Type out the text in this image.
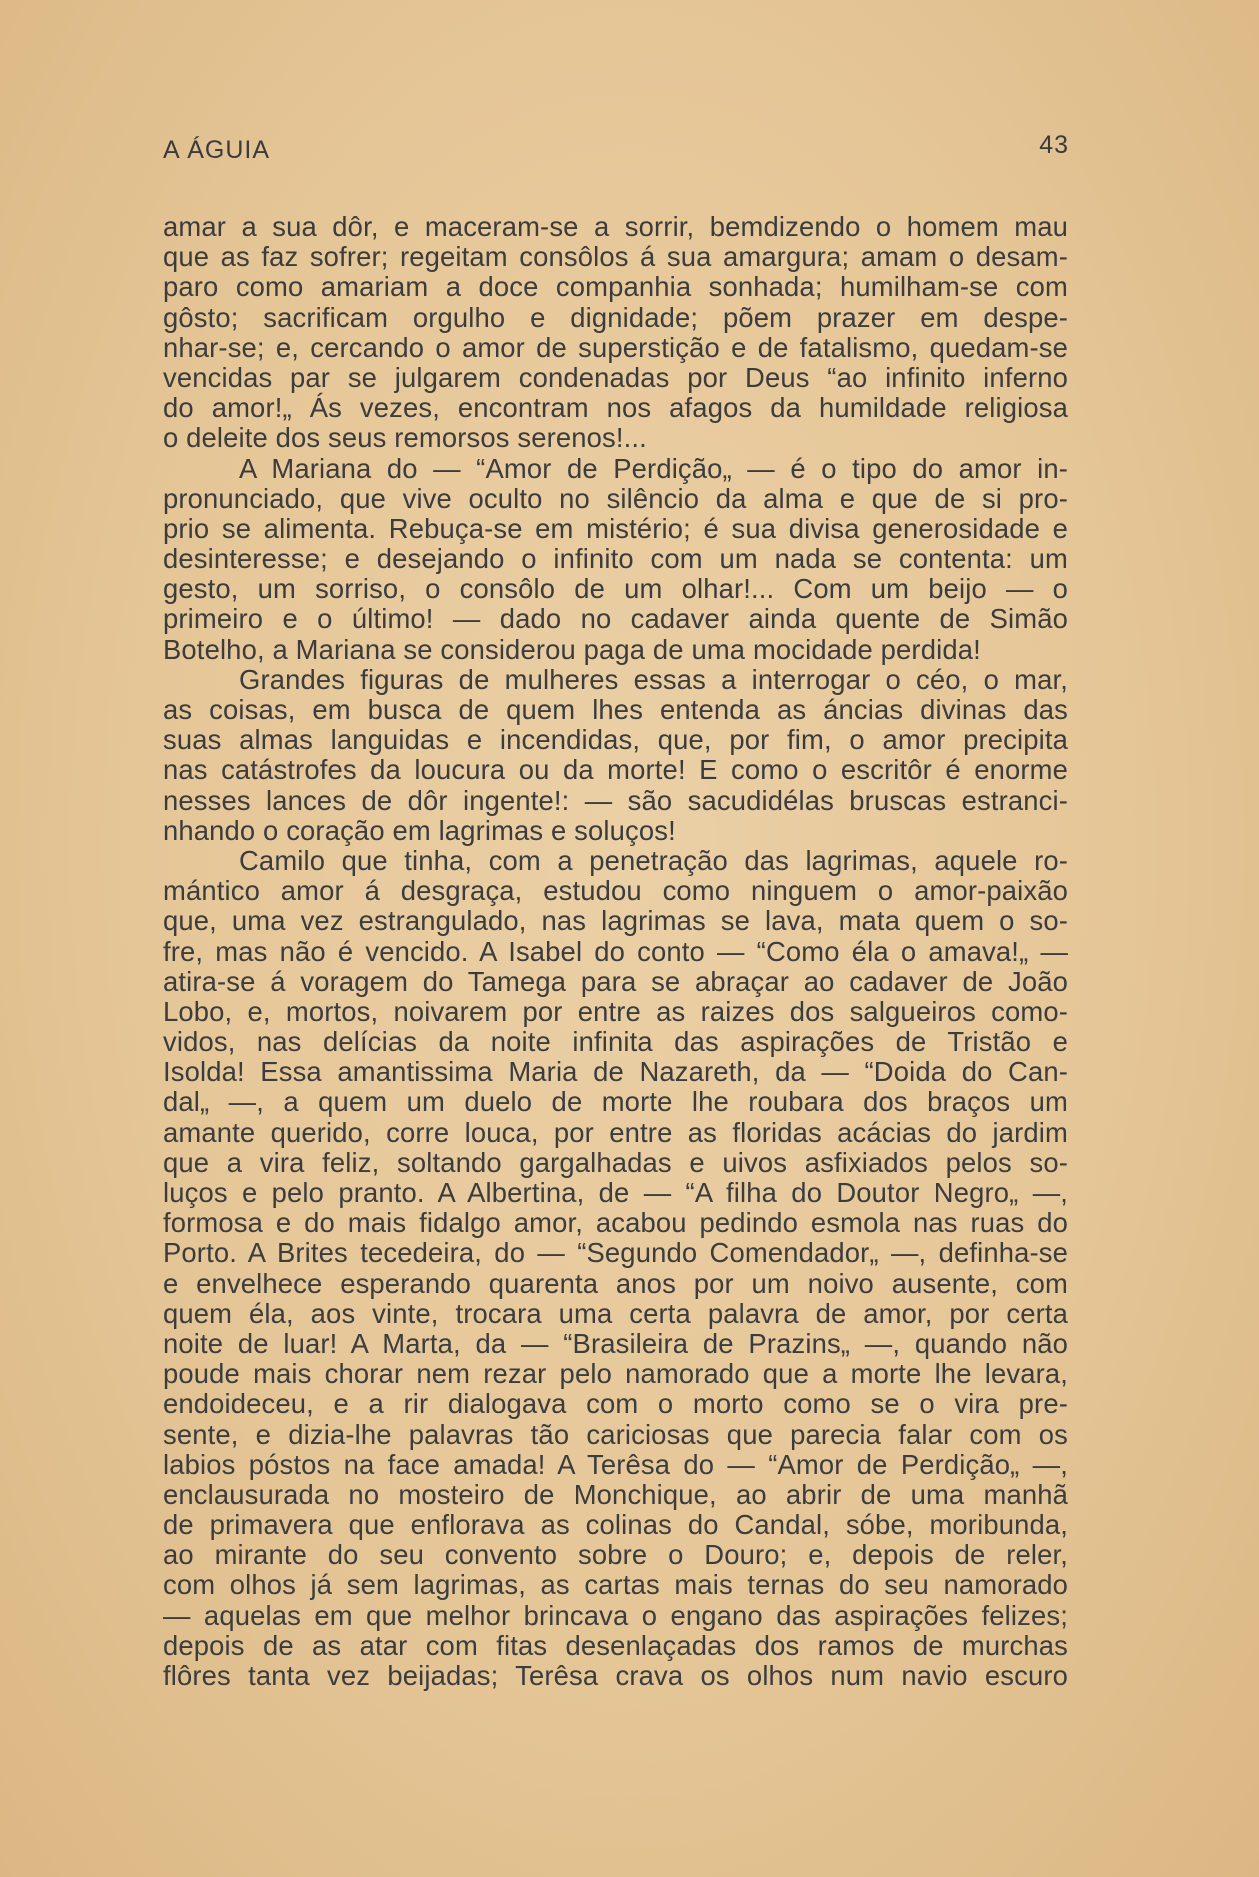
A ÁGUIA	43
amar a sua dôr, e maceram-se a sorrir, bemdizendo o homem mau
que as faz sofrer; regeitam consôlos á sua amargura; amam o desam-
paro como amariam a doce companhia sonhada; humilham-se com
gôsto; sacrificam orgulho e dignidade; põem prazer em despe-
nhar-se; e, cercando o amor de superstição e de fatalismo, quedam-se
vencidas par se julgarem condenadas por Deus “ao infinito inferno
do amor!„ Ás vezes, encontram nos afagos da humildade religiosa
o deleite dos seus remorsos serenos!...
A Mariana do — “Amor de Perdição„ — é o tipo do amor in-
pronunciado, que vive oculto no silêncio da alma e que de si pro-
prio se alimenta. Rebuça-se em mistério; é sua divisa generosidade e
desinteresse; e desejando o infinito com um nada se contenta: um
gesto, um sorriso, o consôlo de um olhar!... Com um beijo — o
primeiro e o último! — dado no cadaver ainda quente de Simão
Botelho, a Mariana se considerou paga de uma mocidade perdida!
Grandes figuras de mulheres essas a interrogar o céo, o mar,
as coisas, em busca de quem lhes entenda as áncias divinas das
suas almas languidas e incendidas, que, por fim, o amor precipita
nas catástrofes da loucura ou da morte! E como o escritôr é enorme
nesses lances de dôr ingente!: — são sacudidélas bruscas estranci-
nhando o coração em lagrimas e soluços!
Camilo que tinha, com a penetração das lagrimas, aquele ro-
mántico amor á desgraça, estudou como ninguem o amor-paixão
que, uma vez estrangulado, nas lagrimas se lava, mata quem o so-
fre, mas não é vencido. A Isabel do conto — “Como éla o amava!„ —
atira-se á voragem do Tamega para se abraçar ao cadaver de João
Lobo, e, mortos, noivarem por entre as raizes dos salgueiros como-
vidos, nas delícias da noite infinita das aspirações de Tristão e
Isolda! Essa amantissima Maria de Nazareth, da — “Doida do Can-
dal„ —, a quem um duelo de morte lhe roubara dos braços um
amante querido, corre louca, por entre as floridas acácias do jardim
que a vira feliz, soltando gargalhadas e uivos asfixiados pelos so-
luços e pelo pranto. A Albertina, de — “A filha do Doutor Negro„ —,
formosa e do mais fidalgo amor, acabou pedindo esmola nas ruas do
Porto. A Brites tecedeira, do — “Segundo Comendador„ —, definha-se
e envelhece esperando quarenta anos por um noivo ausente, com
quem éla, aos vinte, trocara uma certa palavra de amor, por certa
noite de luar! A Marta, da — “Brasileira de Prazins„ —, quando não
poude mais chorar nem rezar pelo namorado que a morte lhe levara,
endoideceu, e a rir dialogava com o morto como se o vira pre-
sente, e dizia-lhe palavras tão cariciosas que parecia falar com os
labios póstos na face amada! A Terêsa do — “Amor de Perdição„ —,
enclausurada no mosteiro de Monchique, ao abrir de uma manhã
de primavera que enflorava as colinas do Candal, sóbe, moribunda,
ao mirante do seu convento sobre o Douro; e, depois de reler,
com olhos já sem lagrimas, as cartas mais ternas do seu namorado
— aquelas em que melhor brincava o engano das aspirações felizes;
depois de as atar com fitas desenlaçadas dos ramos de murchas
flôres tanta vez beijadas; Terêsa crava os olhos num navio escuro
